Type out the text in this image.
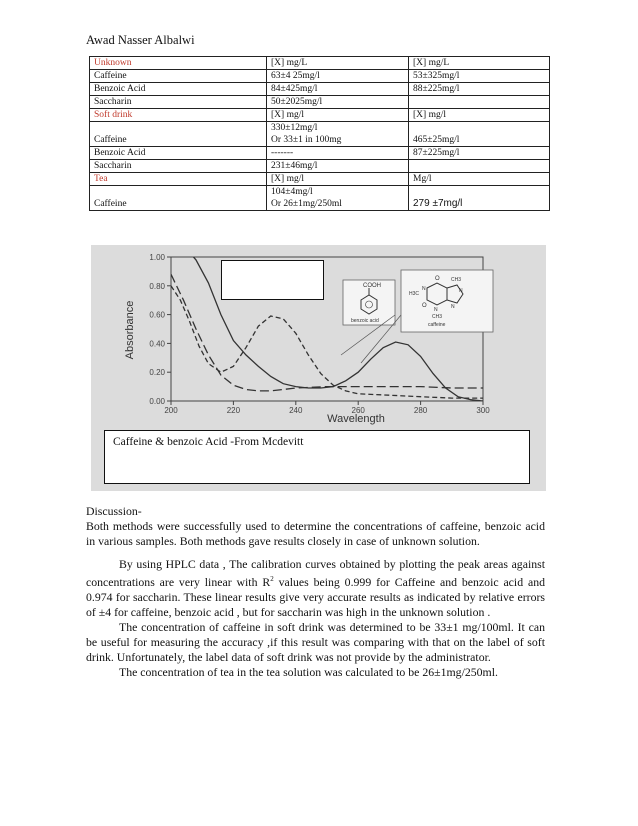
Awad Nasser Albalwi
Unknown	[X] mg/L	[X] mg/L
Caffeine	63±4 25mg/l	53±325mg/l
Benzoic Acid	84±425mg/l	88±225mg/l
Saccharin	50±2025mg/l	
Soft drink	[X] mg/l	[X] mg/l
Caffeine	330±12mg/l	465±25mg/l
	Or 33±1 in 100mg	
Benzoic Acid	-------	87±225mg/l
Saccharin	231±46mg/l	
Tea	[X] mg/l	Mg/l
Caffeine	104±4mg/l	279 ±7mg/l
	Or 26±1mg/250ml	
0.00
0.20
0.40
0.60
0.80
1.00
200	220	240	260	280	300
COOH
benzoic acid
O CH3
H3C
N	N
O
N	N
CH3
caffeine
Wavelength
Absorbance
Caffeine & benzoic Acid -From Mcdevitt

Discussion-

Both methods were successfully used to determine the concentrations of caffeine, benzoic acid in various samples. Both methods gave results closely in case of unknown solution.

By using HPLC data , The calibration curves obtained by plotting the peak areas against concentrations are very linear with $R^2$ values being 0.999 for Caffeine and benzoic acid and 0.974 for saccharin. These linear results give very accurate results as indicated by relative errors of ±4 for caffeine, benzoic acid , but for saccharin was high in the unknown solution .

The concentration of caffeine in soft drink was determined to be 33±1 mg/100ml. It can be useful for measuring the accuracy ,if this result was comparing with that on the label of soft drink. Unfortunately, the label data of soft drink was not provide by the administrator.

The concentration of tea in the tea solution was calculated to be 26±1mg/250ml.
